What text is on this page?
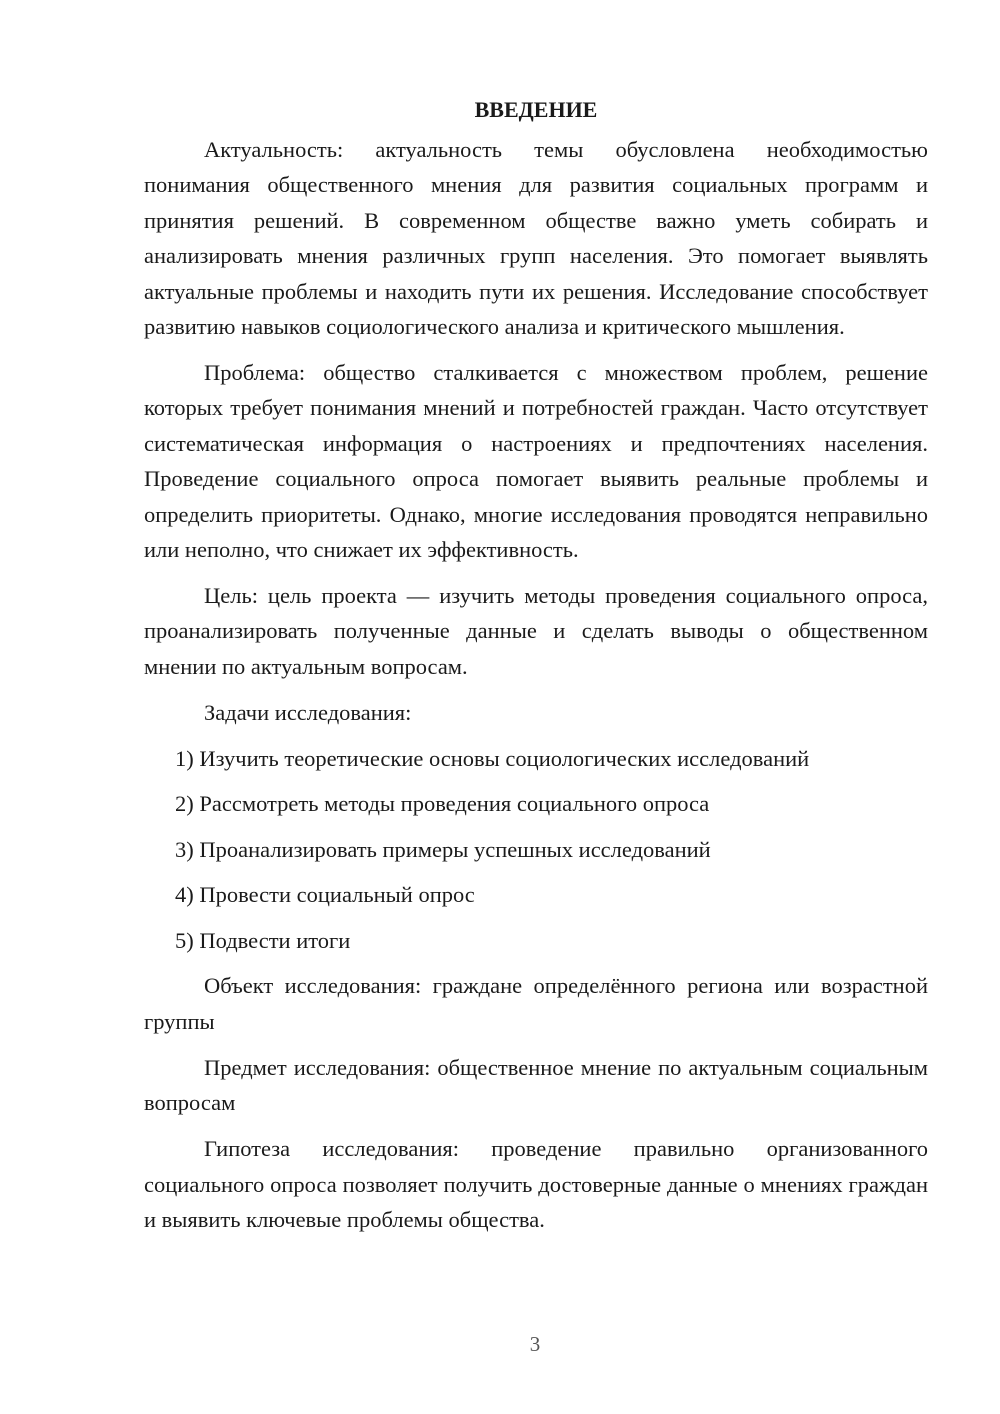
ВВЕДЕНИЕ

Актуальность: актуальность темы обусловлена необходимостью понимания общественного мнения для развития социальных программ и принятия решений. В современном обществе важно уметь собирать и анализировать мнения различных групп населения. Это помогает выявлять актуальные проблемы и находить пути их решения. Исследование способствует развитию навыков социологического анализа и критического мышления.

Проблема: общество сталкивается с множеством проблем, решение которых требует понимания мнений и потребностей граждан. Часто отсутствует систематическая информация о настроениях и предпочтениях населения. Проведение социального опроса помогает выявить реальные проблемы и определить приоритеты. Однако, многие исследования проводятся неправильно или неполно, что снижает их эффективность.

Цель: цель проекта — изучить методы проведения социального опроса, проанализировать полученные данные и сделать выводы о общественном мнении по актуальным вопросам.

Задачи исследования:

1) Изучить теоретические основы социологических исследований
2) Рассмотреть методы проведения социального опроса
3) Проанализировать примеры успешных исследований
4) Провести социальный опрос
5) Подвести итоги

Объект исследования: граждане определённого региона или возрастной группы

Предмет исследования: общественное мнение по актуальным социальным вопросам

Гипотеза исследования: проведение правильно организованного социального опроса позволяет получить достоверные данные о мнениях граждан и выявить ключевые проблемы общества.

3
